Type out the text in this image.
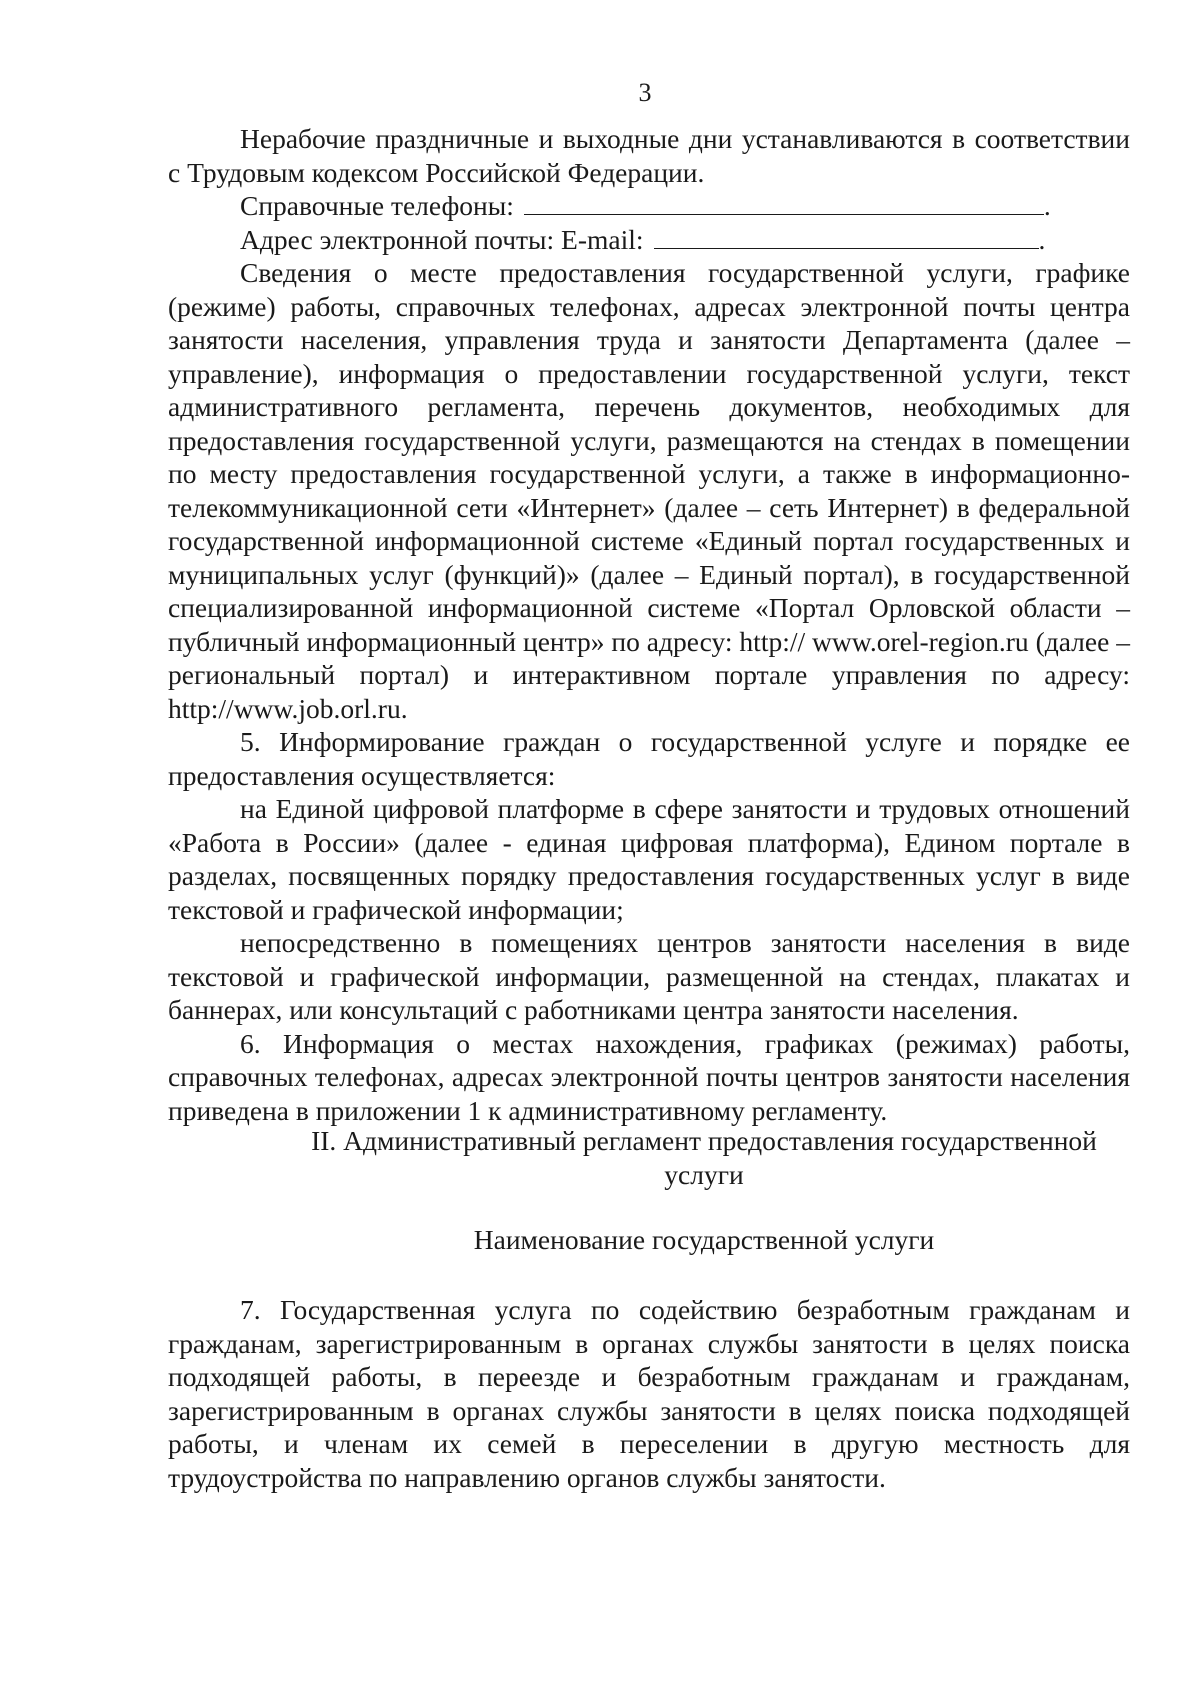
3

Нерабочие праздничные и выходные дни устанавливаются в соответствии с Трудовым кодексом Российской Федерации.

Справочные телефоны:	.

Адрес электронной почты: E-mail:	.

Сведения о месте предоставления государственной услуги, графике (режиме) работы, справочных телефонах, адресах электронной почты центра занятости населения, управления труда и занятости Департамента (далее – управление), информация о предоставлении государственной услуги, текст административного регламента, перечень документов, необходимых для предоставления государственной услуги, размещаются на стендах в помещении по месту предоставления государственной услуги, а также в информационно-телекоммуникационной сети «Интернет» (далее – сеть Интернет) в федеральной государственной информационной системе «Единый портал государственных и муниципальных услуг (функций)» (далее – Единый портал), в государственной специализированной информационной системе «Портал Орловской области – публичный информационный центр» по адресу: http:// www.orel-region.ru (далее – региональный портал) и интерактивном портале управления по адресу: http://www.job.orl.ru.

5. Информирование граждан о государственной услуге и порядке ее предоставления осуществляется:

на Единой цифровой платформе в сфере занятости и трудовых отношений «Работа в России» (далее - единая цифровая платформа), Едином портале в разделах, посвященных порядку предоставления государственных услуг в виде текстовой и графической информации;

непосредственно в помещениях центров занятости населения в виде текстовой и графической информации, размещенной на стендах, плакатах и баннерах, или консультаций с работниками центра занятости населения.

6. Информация о местах нахождения, графиках (режимах) работы, справочных телефонах, адресах электронной почты центров занятости населения приведена в приложении 1 к административному регламенту.

II. Административный регламент предоставления государственной

услуги

Наименование государственной услуги

7. Государственная услуга по содействию безработным гражданам и гражданам, зарегистрированным в органах службы занятости в целях поиска подходящей работы, в переезде и безработным гражданам и гражданам, зарегистрированным в органах службы занятости в целях поиска подходящей работы, и членам их семей в переселении в другую местность для трудоустройства по направлению органов службы занятости.
